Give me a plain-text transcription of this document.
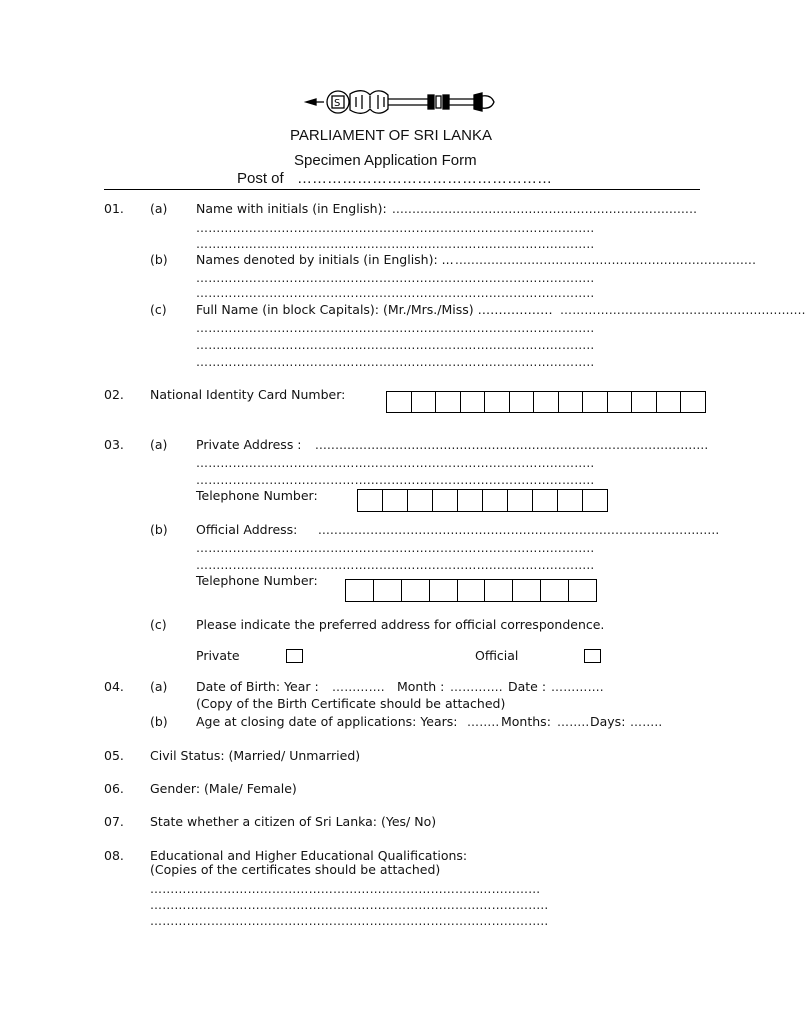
S
PARLIAMENT OF SRI LANKA
Specimen Application Form
Post of ……………………………………………
01. (a) Name with initials (in English): ............................................................................
……………………………………………………………………………………..
……………………………………………………………………………………..
(b) Names denoted by initials (in English): ... ...........................................................................
……………………………………………………………………………………..
……………………………………………………………………………………..
(c) Full Name (in block Capitals): (Mr./Mrs./Miss) ……………… ……………..............................................
……………………………………………………………………………………..
……………………………………………………………………………………..
……………………………………………………………………………………..
02. National Identity Card Number:
03. (a) Private Address : ..................................................................................................
……………………………………………………………………………………..
……………………………………………………………………………………..
Telephone Number:
(b) Official Address: ....................................................................................................
……………………………………………………………………………………..
……………………………………………………………………………………..
Telephone Number:
(c) Please indicate the preferred address for official correspondence.
Private	Official
04. (a) Date of Birth: Year : …………. Month : …………. Date : ………….
(Copy of the Birth Certificate should be attached)
(b) Age at closing date of applications: Years: …….. Months: …….. Days: ……..
05. Civil Status: (Married/ Unmarried)
06. Gender: (Male/ Female)
07. State whether a citizen of Sri Lanka: (Yes/ No)
08. Educational and Higher Educational Qualifications:
(Copies of the certificates should be attached)
…………………………………………………………………………………...
……………………………………………………………………………………..
……………………………………………………………………………………..
